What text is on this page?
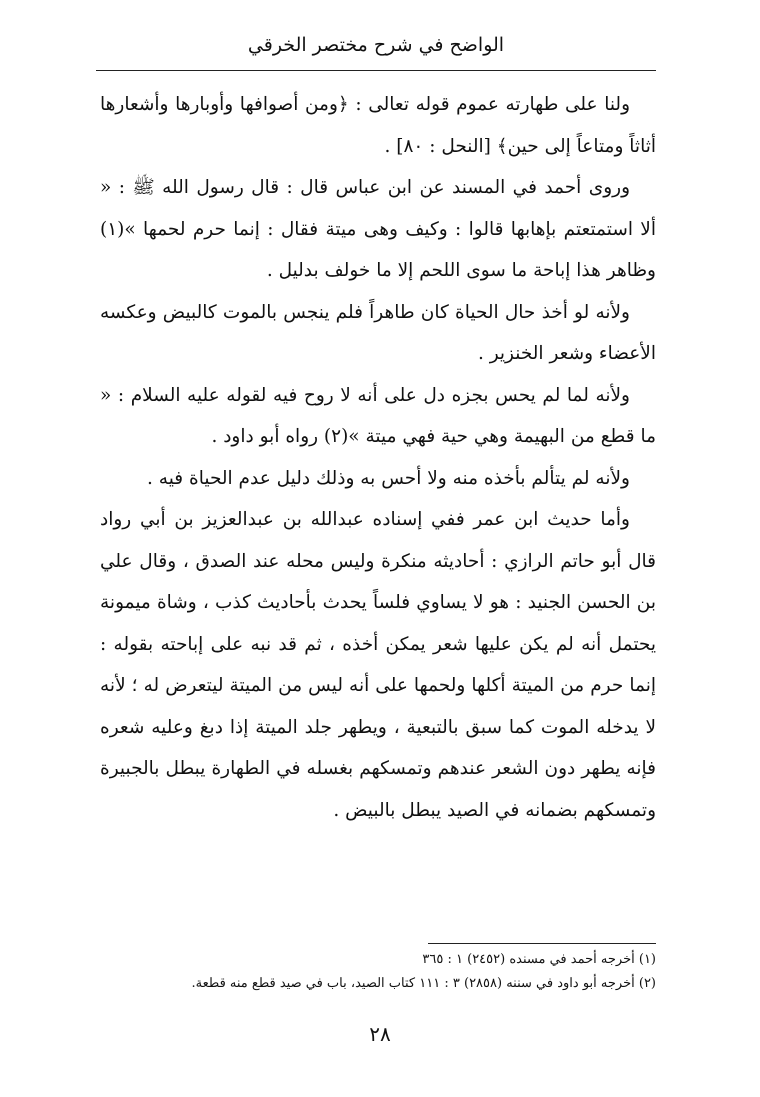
الواضح في شرح مختصر الخرقي

ولنا على طهارته عموم قوله تعالى : ﴿ومن أصوافها وأوبارها وأشعارها أثاثاً ومتاعاً إلى حين﴾ [النحل : ٨٠] .

وروى أحمد في المسند عن ابن عباس قال : قال رسول الله ﷺ : « ألا استمتعتم بإهابها قالوا : وكيف وهى ميتة فقال : إنما حرم لحمها »(١) وظاهر هذا إباحة ما سوى اللحم إلا ما خولف بدليل .

ولأنه لو أخذ حال الحياة كان طاهراً فلم ينجس بالموت كالبيض وعكسه الأعضاء وشعر الخنزير .

ولأنه لما لم يحس بجزه دل على أنه لا روح فيه لقوله عليه السلام : « ما قطع من البهيمة وهي حية فهي ميتة »(٢) رواه أبو داود .

ولأنه لم يتألم بأخذه منه ولا أحس به وذلك دليل عدم الحياة فيه .

وأما حديث ابن عمر ففي إسناده عبدالله بن عبدالعزيز بن أبي رواد قال أبو حاتم الرازي : أحاديثه منكرة وليس محله عند الصدق ، وقال علي بن الحسن الجنيد : هو لا يساوي فلساً يحدث بأحاديث كذب ، وشاة ميمونة يحتمل أنه لم يكن عليها شعر يمكن أخذه ، ثم قد نبه على إباحته بقوله : إنما حرم من الميتة أكلها ولحمها على أنه ليس من الميتة ليتعرض له ؛ لأنه لا يدخله الموت كما سبق بالتبعية ، ويطهر جلد الميتة إذا دبغ وعليه شعره فإنه يطهر دون الشعر عندهم وتمسكهم بغسله في الطهارة يبطل بالجبيرة وتمسكهم بضمانه في الصيد يبطل بالبيض .

(١) أخرجه أحمد في مسنده (٢٤٥٢) ١ : ٣٦٥

(٢) أخرجه أبو داود في سننه (٢٨٥٨) ٣ : ١١١ كتاب الصيد، باب في صيد قطع منه قطعة.

٢٨
